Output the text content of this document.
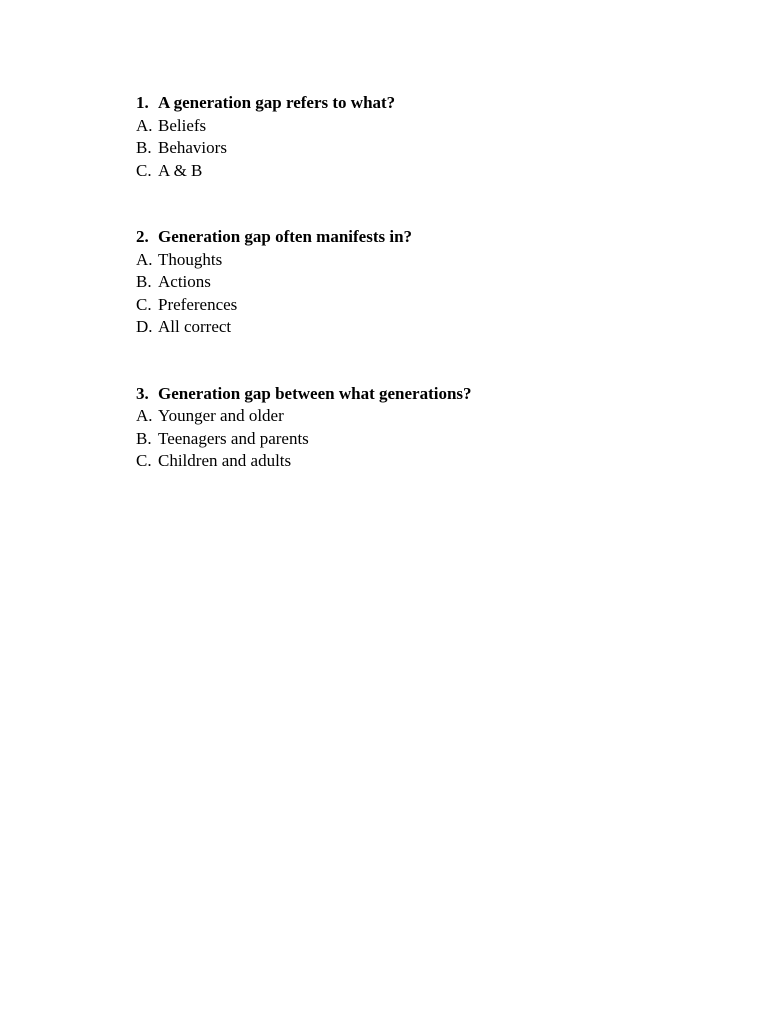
1. A generation gap refers to what?
A. Beliefs
B. Behaviors
C. A & B
2. Generation gap often manifests in?
A. Thoughts
B. Actions
C. Preferences
D. All correct
3. Generation gap between what generations?
A. Younger and older
B. Teenagers and parents
C. Children and adults
